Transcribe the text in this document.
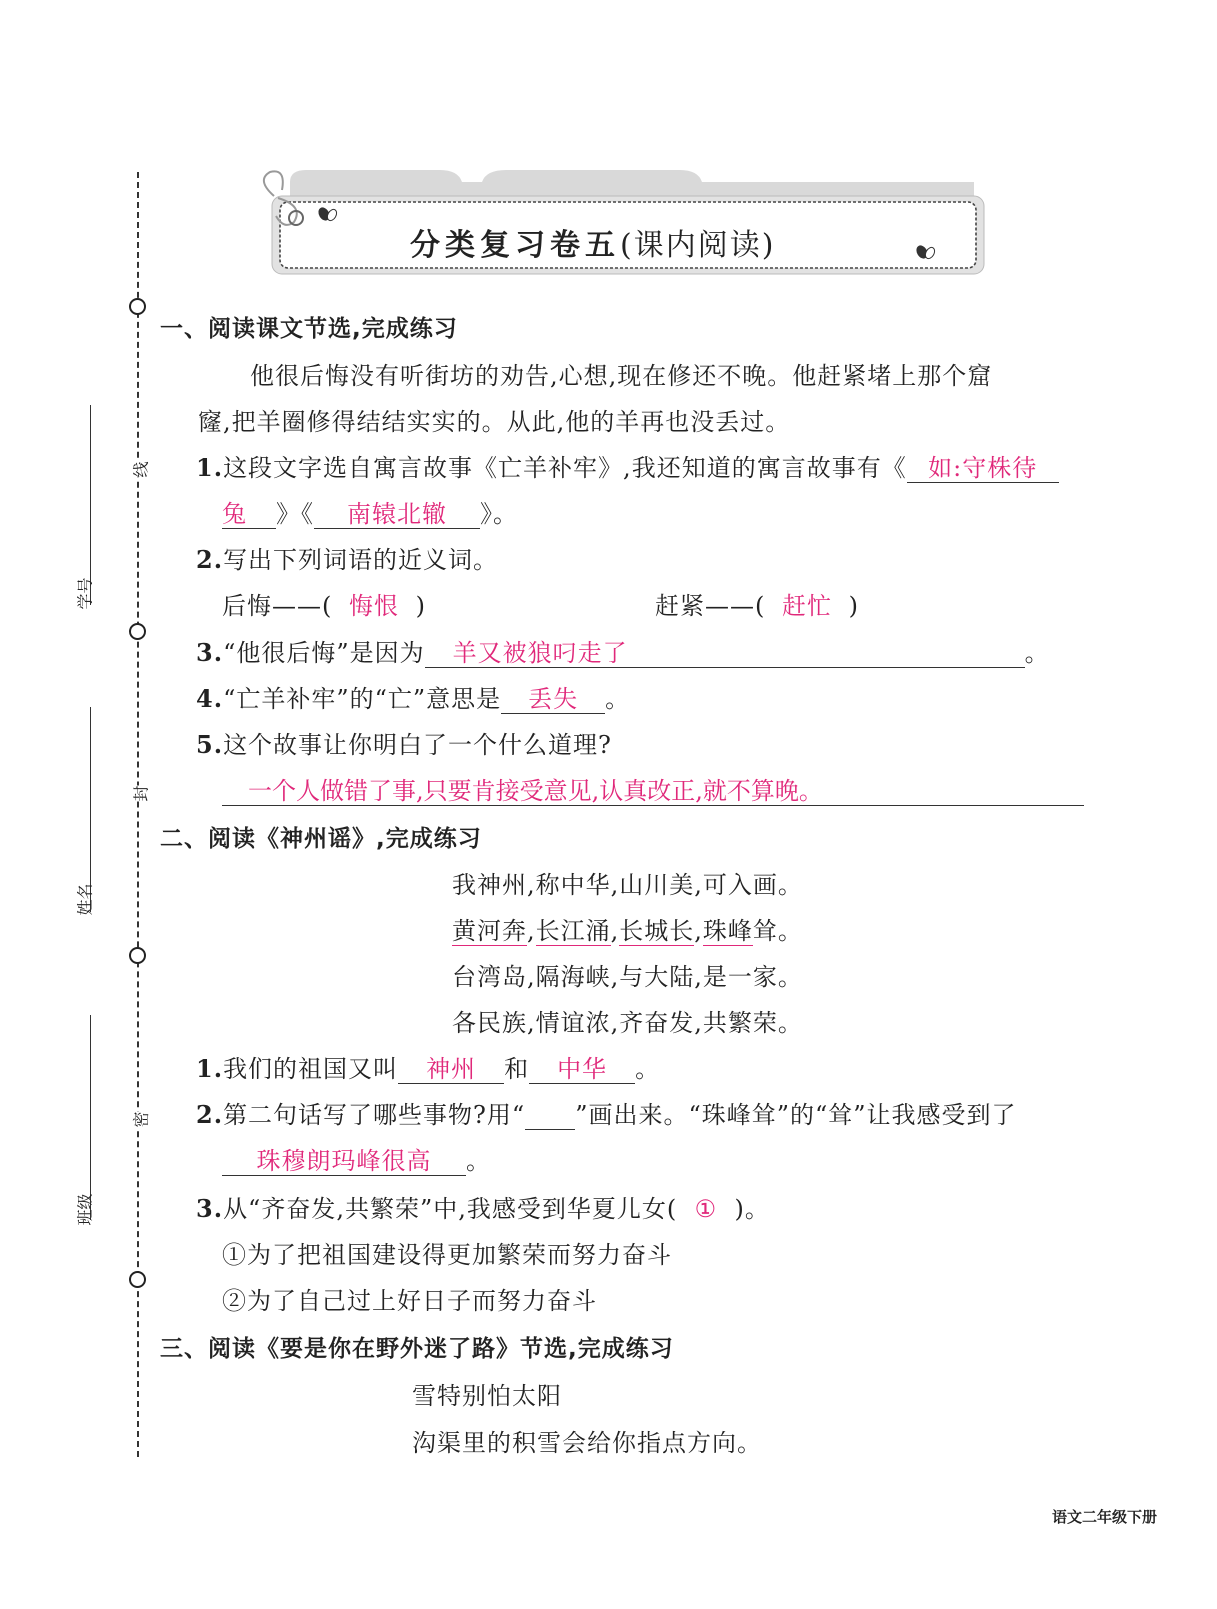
线
封
密
学号
姓名
班级
分类复习卷五(课内阅读)
一、阅读课文节选,完成练习
他很后悔没有听街坊的劝告,心想,现在修还不晚。他赶紧堵上那个窟
窿,把羊圈修得结结实实的。从此,他的羊再也没丢过。
1.这段文字选自寓言故事《亡羊补牢》,我还知道的寓言故事有《 如:守株待
兔 》《 南辕北辙 》。
2.写出下列词语的近义词。
后悔——( 悔恨 )	赶紧——( 赶忙 )
3.“他很后悔”是因为 羊又被狼叼走了	。
4.“亡羊补牢”的“亡”意思是 丢失 。
5.这个故事让你明白了一个什么道理?
一个人做错了事,只要肯接受意见,认真改正,就不算晚。
二、阅读《神州谣》,完成练习
我神州,称中华,山川美,可入画。
黄河奔,长江涌,长城长,珠峰耸。
台湾岛,隔海峡,与大陆,是一家。
各民族,情谊浓,齐奋发,共繁荣。
1.我们的祖国又叫 神州 和 中华 。
2.第二句话写了哪些事物?用“ ”画出来。“珠峰耸”的“耸”让我感受到了
珠穆朗玛峰很高 。
3.从“齐奋发,共繁荣”中,我感受到华夏儿女( ① )。
①为了把祖国建设得更加繁荣而努力奋斗
②为了自己过上好日子而努力奋斗
三、阅读《要是你在野外迷了路》节选,完成练习
雪特别怕太阳
沟渠里的积雪会给你指点方向。
语文二年级下册
